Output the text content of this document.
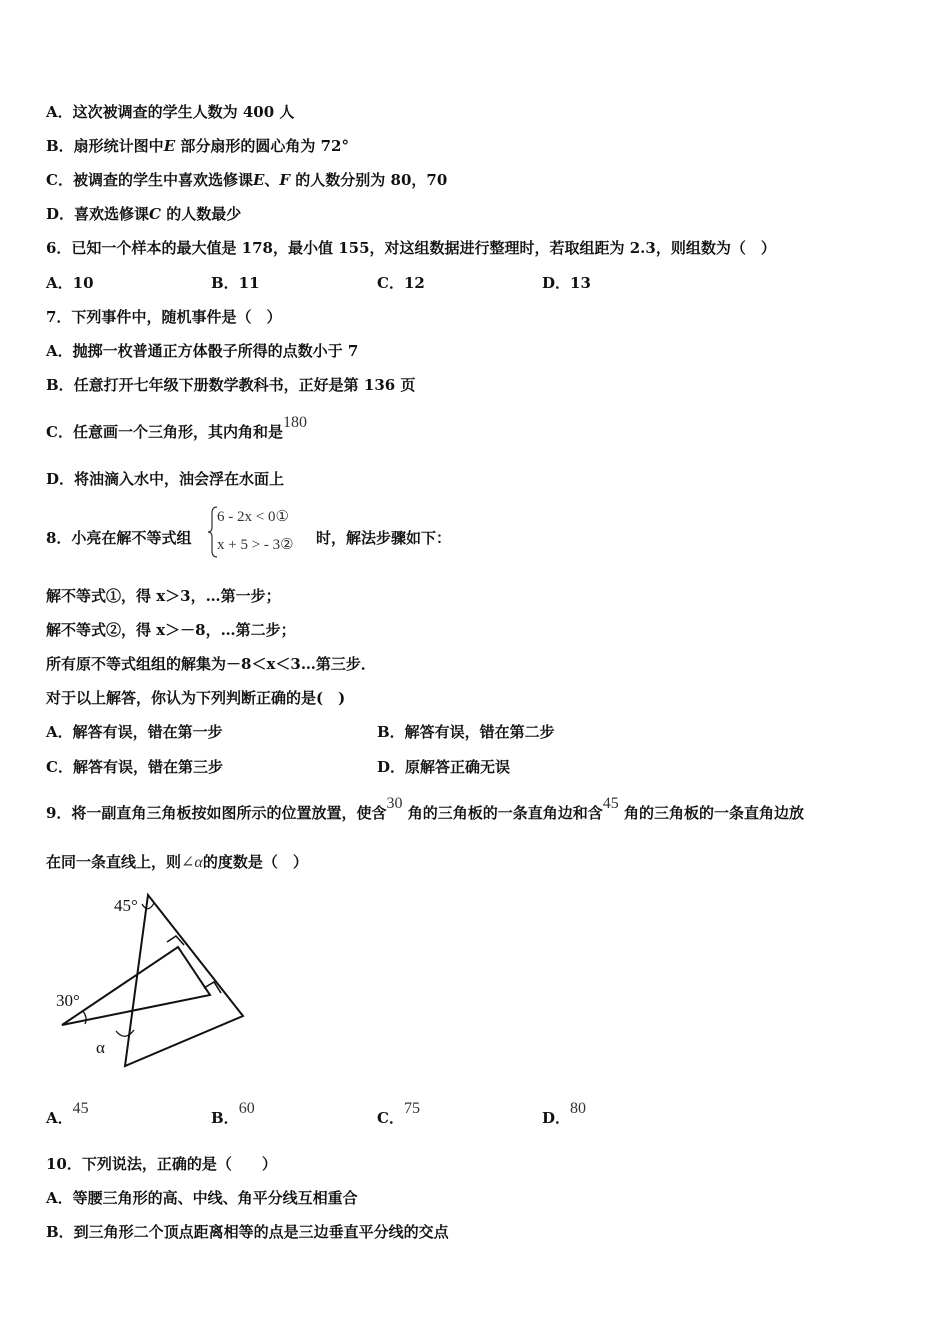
A．这次被调查的学生人数为 400 人
B．扇形统计图中E 部分扇形的圆心角为 72°
C．被调查的学生中喜欢选修课E、F 的人数分别为 80，70
D．喜欢选修课C 的人数最少
6．已知一个样本的最大值是 178，最小值 155，对这组数据进行整理时，若取组距为 2.3，则组数为（　）
A．10	B．11	C．12	D．13
7．下列事件中，随机事件是（　）
A．抛掷一枚普通正方体骰子所得的点数小于 7
B．任意打开七年级下册数学教科书，正好是第 136 页
C．任意画一个三角形，其内角和是180
D．将油滴入水中，油会浮在水面上
8．小亮在解不等式组
6 - 2x < 0①
x + 5 > - 3② 时，解法步骤如下：
解不等式①，得 x＞3，…第一步；
解不等式②，得 x＞－8，…第二步；
所有原不等式组组的解集为－8＜x＜3…第三步．
对于以上解答，你认为下列判断正确的是(　)
A．解答有误，错在第一步	B．解答有误，错在第二步
C．解答有误，错在第三步	D．原解答正确无误
9．将一副直角三角板按如图所示的位置放置，使含30 角的三角板的一条直角边和含45 角的三角板的一条直角边放
在同一条直线上，则∠α的度数是（　）
45°
30°
α
A．45
B．60
C．75
D．80
10．下列说法，正确的是（　　）
A．等腰三角形的高、中线、角平分线互相重合
B．到三角形二个顶点距离相等的点是三边垂直平分线的交点
